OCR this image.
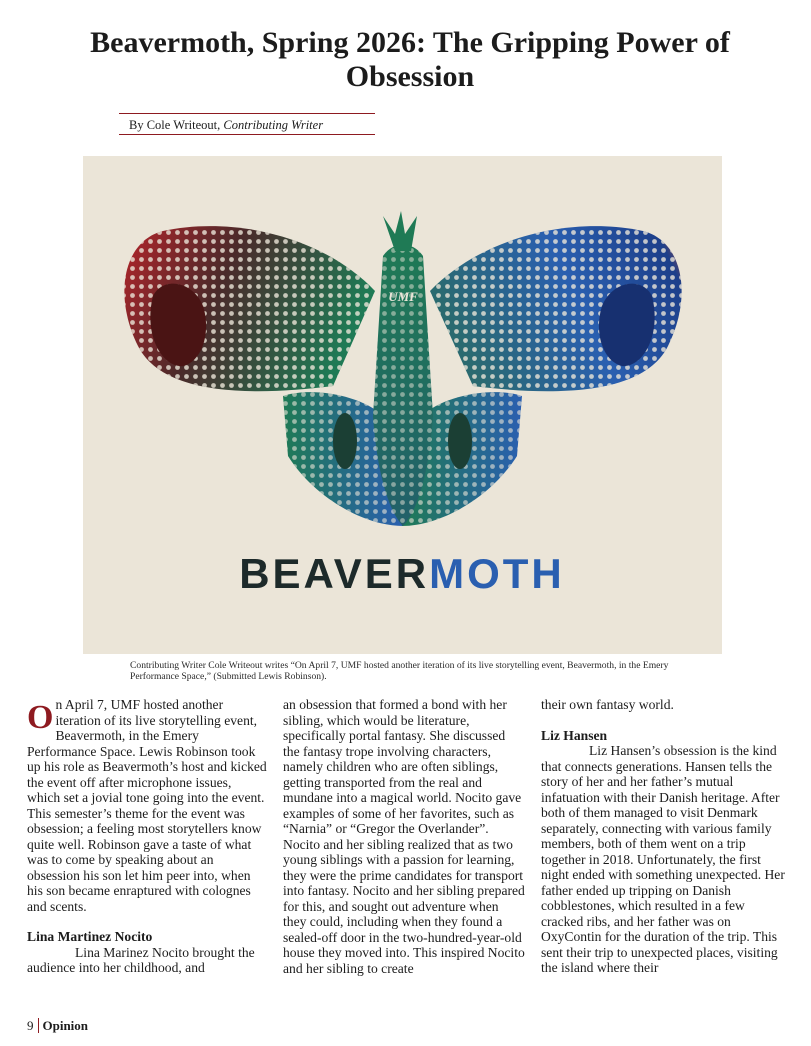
Beavermoth, Spring 2026: The Gripping Power of Obsession
By Cole Writeout, Contributing Writer
UMF
BEAVERMOTH
Contributing Writer Cole Writeout writes “On April 7, UMF hosted another iteration of its live storytelling event, Beavermoth, in the Emery Performance Space,” (Submitted Lewis Robinson).

On April 7, UMF hosted another iteration of its live storytelling event, Beavermoth, in the Emery Performance Space. Lewis Robinson took up his role as Beavermoth’s host and kicked the event off after microphone issues, which set a jovial tone going into the event. This semester’s theme for the event was obsession; a feeling most storytellers know quite well. Robinson gave a taste of what was to come by speaking about an obsession his son let him peer into, when his son became enraptured with colognes and scents.

Lina Martinez Nocito

Lina Marinez Nocito brought the audience into her childhood, and

an obsession that formed a bond with her sibling, which would be literature, specifically portal fantasy. She discussed the fantasy trope involving characters, namely children who are often siblings, getting transported from the real and mundane into a magical world. Nocito gave examples of some of her favorites, such as “Narnia” or “Gregor the Overlander”. Nocito and her sibling realized that as two young siblings with a passion for learning, they were the prime candidates for transport into fantasy. Nocito and her sibling prepared for this, and sought out adventure when they could, including when they found a sealed-off door in the two-hundred-year-old house they moved into. This inspired Nocito and her sibling to create

their own fantasy world.

Liz Hansen

Liz Hansen’s obsession is the kind that connects generations. Hansen tells the story of her and her father’s mutual infatuation with their Danish heritage. After both of them managed to visit Denmark separately, connecting with various family members, both of them went on a trip together in 2018. Unfortunately, the first night ended with something unexpected. Her father ended up tripping on Danish cobblestones, which resulted in a few cracked ribs, and her father was on OxyContin for the duration of the trip. This sent their trip to unexpected places, visiting the island where their

9 Opinion
